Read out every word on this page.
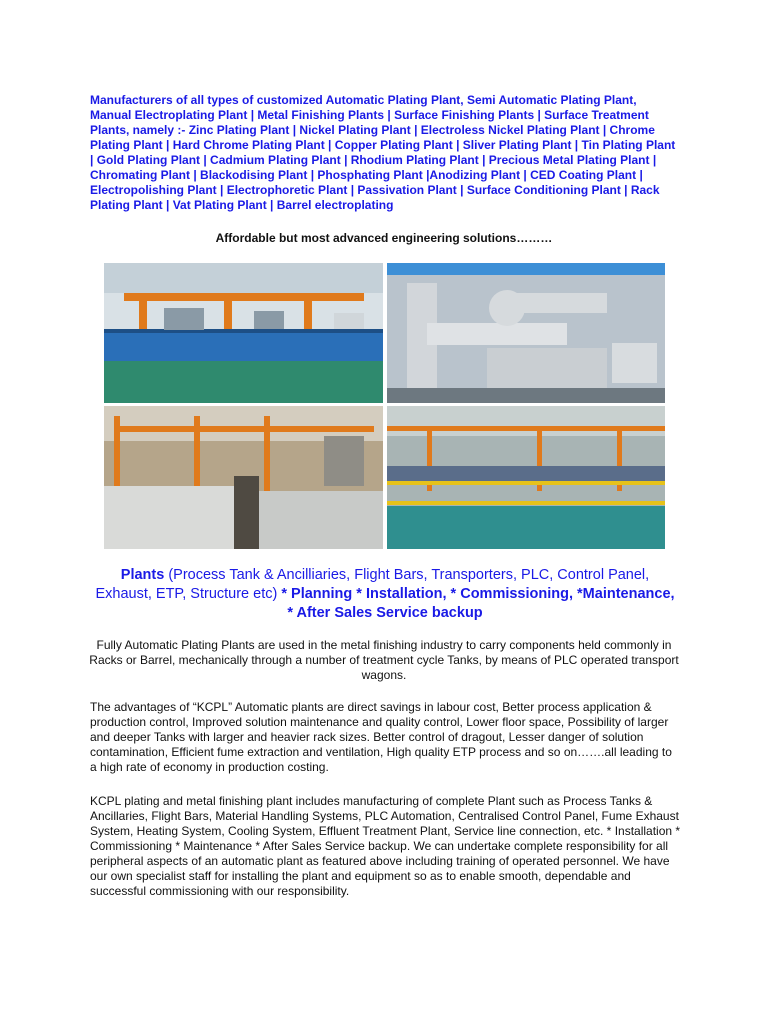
Manufacturers of all types of customized Automatic Plating Plant, Semi Automatic Plating Plant, Manual Electroplating Plant | Metal Finishing Plants | Surface Finishing Plants | Surface Treatment Plants, namely :- Zinc Plating Plant | Nickel Plating Plant | Electroless Nickel Plating Plant | Chrome Plating Plant | Hard Chrome Plating Plant | Copper Plating Plant | Sliver Plating Plant | Tin Plating Plant | Gold Plating Plant | Cadmium Plating Plant | Rhodium Plating Plant | Precious Metal Plating Plant | Chromating Plant | Blackodising Plant | Phosphating Plant |Anodizing Plant | CED Coating Plant | Electropolishing Plant | Electrophoretic Plant | Passivation Plant | Surface Conditioning Plant | Rack Plating Plant | Vat Plating Plant | Barrel electroplating
Affordable but most advanced engineering solutions………
Plants (Process Tank & Ancilliaries, Flight Bars, Transporters, PLC, Control Panel, Exhaust, ETP, Structure etc) * Planning * Installation, * Commissioning, *Maintenance, * After Sales Service backup
Fully Automatic Plating Plants are used in the metal finishing industry to carry components held commonly in Racks or Barrel, mechanically through a number of treatment cycle Tanks, by means of PLC operated transport wagons.
The advantages of “KCPL” Automatic plants are direct savings in labour cost, Better process application & production control, Improved solution maintenance and quality control, Lower floor space, Possibility of larger and deeper Tanks with larger and heavier rack sizes. Better control of dragout, Lesser danger of solution contamination, Efficient fume extraction and ventilation, High quality ETP process and so on…….all leading to a high rate of economy in production costing.
KCPL plating and metal finishing plant includes manufacturing of complete Plant such as Process Tanks & Ancillaries, Flight Bars, Material Handling Systems, PLC Automation, Centralised Control Panel, Fume Exhaust System, Heating System, Cooling System, Effluent Treatment Plant, Service line connection, etc. * Installation * Commissioning * Maintenance * After Sales Service backup. We can undertake complete responsibility for all peripheral aspects of an automatic plant as featured above including training of operated personnel. We have our own specialist staff for installing the plant and equipment so as to enable smooth, dependable and successful commissioning with our responsibility.
